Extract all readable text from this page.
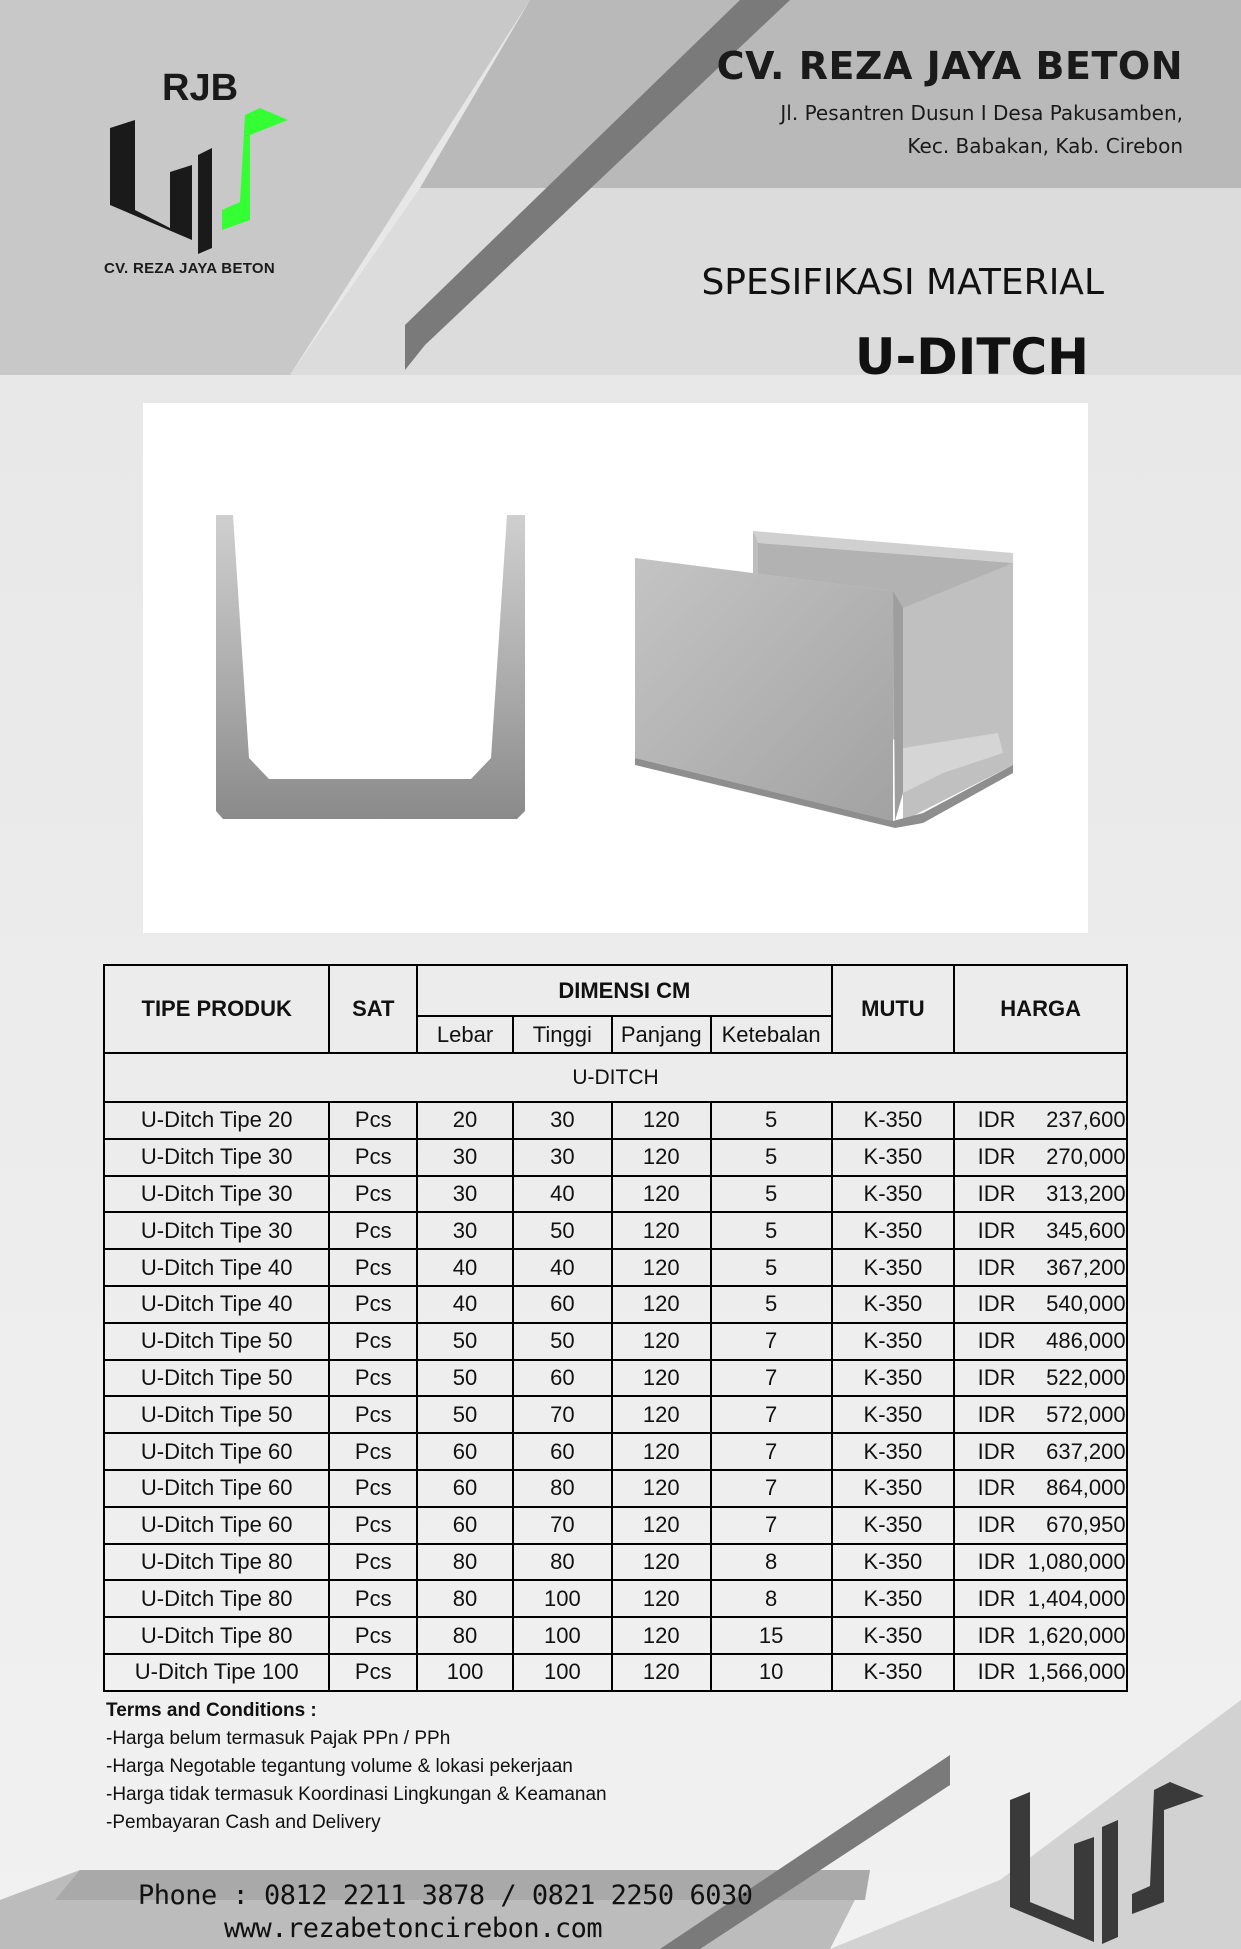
RJB
CV. REZA JAYA BETON
CV. REZA JAYA BETON
Jl. Pesantren Dusun I Desa Pakusamben,
Kec. Babakan, Kab. Cirebon
SPESIFIKASI MATERIAL
U-DITCH
TIPE PRODUK	SAT	DIMENSI CM				MUTU	HARGA
		Lebar	Tinggi	Panjang	Ketebalan		
U-DITCH							
U-Ditch Tipe 20	Pcs	20	30	120	5	K-350	IDR 237,600
U-Ditch Tipe 30	Pcs	30	30	120	5	K-350	IDR 270,000
U-Ditch Tipe 30	Pcs	30	40	120	5	K-350	IDR 313,200
U-Ditch Tipe 30	Pcs	30	50	120	5	K-350	IDR 345,600
U-Ditch Tipe 40	Pcs	40	40	120	5	K-350	IDR 367,200
U-Ditch Tipe 40	Pcs	40	60	120	5	K-350	IDR 540,000
U-Ditch Tipe 50	Pcs	50	50	120	7	K-350	IDR 486,000
U-Ditch Tipe 50	Pcs	50	60	120	7	K-350	IDR 522,000
U-Ditch Tipe 50	Pcs	50	70	120	7	K-350	IDR 572,000
U-Ditch Tipe 60	Pcs	60	60	120	7	K-350	IDR 637,200
U-Ditch Tipe 60	Pcs	60	80	120	7	K-350	IDR 864,000
U-Ditch Tipe 60	Pcs	60	70	120	7	K-350	IDR 670,950
U-Ditch Tipe 80	Pcs	80	80	120	8	K-350	IDR 1,080,000
U-Ditch Tipe 80	Pcs	80	100	120	8	K-350	IDR 1,404,000
U-Ditch Tipe 80	Pcs	80	100	120	15	K-350	IDR 1,620,000
U-Ditch Tipe 100	Pcs	100	100	120	10	K-350	IDR 1,566,000
Terms and Conditions :
-Harga belum termasuk Pajak PPn / PPh
-Harga Negotable tegantung volume & lokasi pekerjaan
-Harga tidak termasuk Koordinasi Lingkungan & Keamanan
-Pembayaran Cash and Delivery
Phone : 0812 2211 3878 / 0821 2250 6030
www.rezabetoncirebon.com
